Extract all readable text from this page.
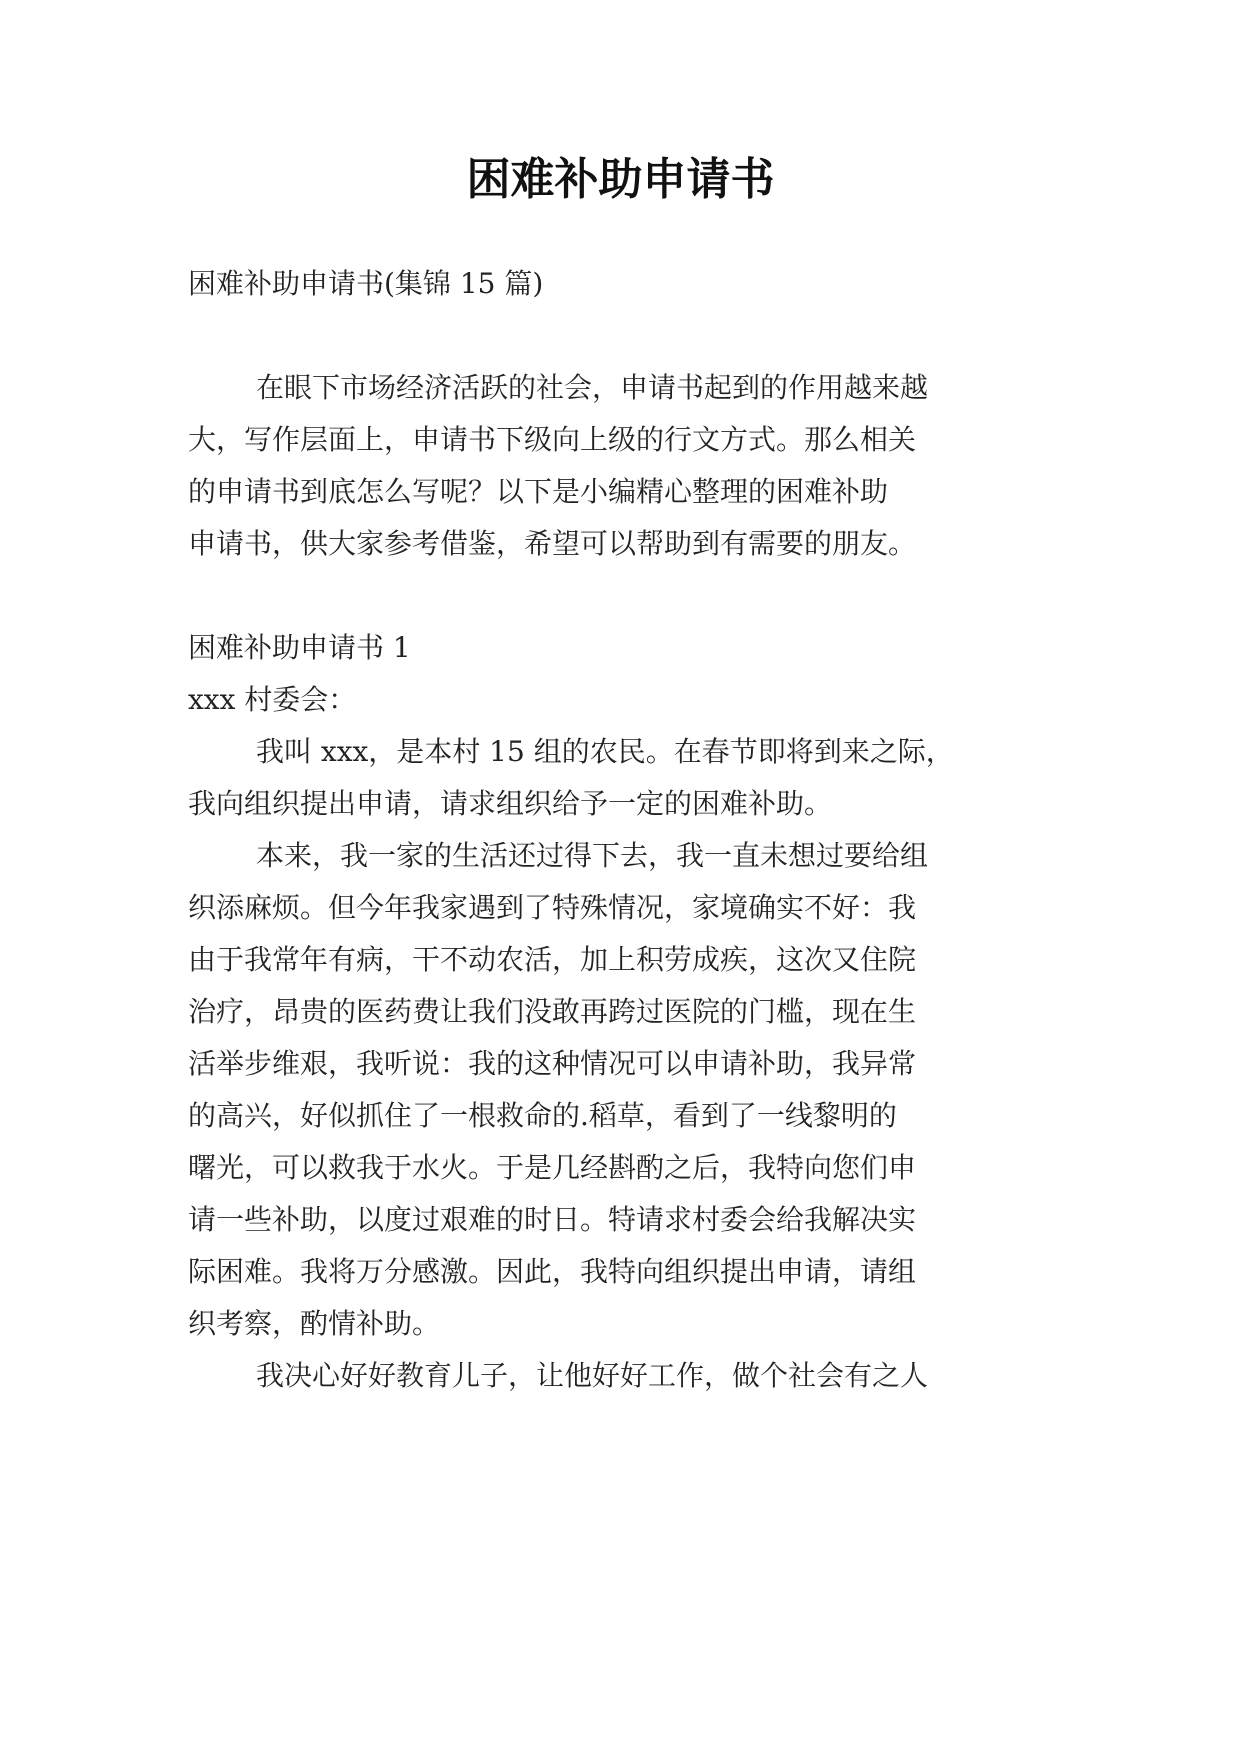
困难补助申请书

困难补助申请书(集锦 15 篇)

在眼下市场经济活跃的社会，申请书起到的作用越来越

大，写作层面上，申请书下级向上级的行文方式。那么相关

的申请书到底怎么写呢？以下是小编精心整理的困难补助

申请书，供大家参考借鉴，希望可以帮助到有需要的朋友。

困难补助申请书 1

xxx 村委会：

我叫 xxx，是本村 15 组的农民。在春节即将到来之际，

我向组织提出申请，请求组织给予一定的困难补助。

本来，我一家的生活还过得下去，我一直未想过要给组

织添麻烦。但今年我家遇到了特殊情况，家境确实不好：我

由于我常年有病，干不动农活，加上积劳成疾，这次又住院

治疗，昂贵的医药费让我们没敢再跨过医院的门槛，现在生

活举步维艰，我听说：我的这种情况可以申请补助，我异常

的高兴，好似抓住了一根救命的.稻草，看到了一线黎明的

曙光，可以救我于水火。于是几经斟酌之后，我特向您们申

请一些补助，以度过艰难的时日。特请求村委会给我解决实

际困难。我将万分感激。因此，我特向组织提出申请，请组

织考察，酌情补助。

我决心好好教育儿子，让他好好工作，做个社会有之人
